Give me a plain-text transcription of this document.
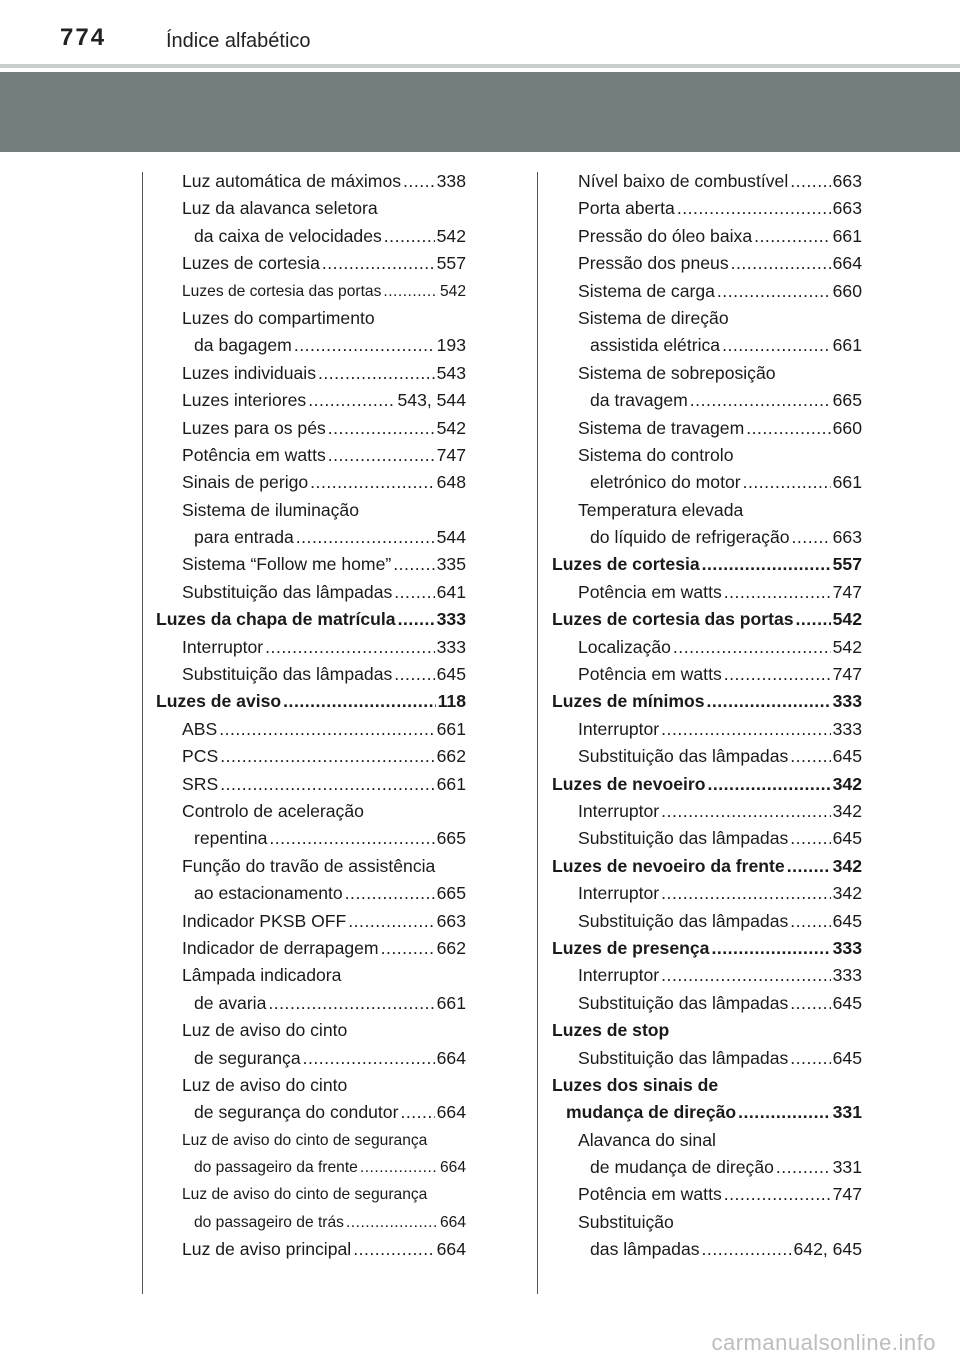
774	Índice alfabético
Luz automática de máximos ..... 338
Luz da alavanca seletora
da caixa de velocidades .....	542
Luzes de cortesia .....	557
Luzes de cortesia das portas .....	542
Luzes do compartimento
da bagagem .....	193
Luzes individuais .....	543
Luzes interiores .....	543, 544
Luzes para os pés .....	542
Potência em watts .....	747
Sinais de perigo .....	648
Sistema de iluminação
para entrada .....	544
Sistema “Follow me home” .....	335
Substituição das lâmpadas .....	641
Luzes da chapa de matrícula ..... 333
Interruptor .....	333
Substituição das lâmpadas .....	645
Luzes de aviso .....	118
ABS .....	661
PCS .....	662
SRS .....	661
Controlo de aceleração
repentina .....	665
Função do travão de assistência
ao estacionamento .....	665
Indicador PKSB OFF .....	663
Indicador de derrapagem .....	662
Lâmpada indicadora
de avaria .....	661
Luz de aviso do cinto
de segurança .....	664
Luz de aviso do cinto
de segurança do condutor ..... 664
Luz de aviso do cinto de segurança
do passageiro da frente .....	664
Luz de aviso do cinto de segurança
do passageiro de trás .....	664
Luz de aviso principal .....	664
Nível baixo de combustível .....	663
Porta aberta .....	663
Pressão do óleo baixa .....	661
Pressão dos pneus .....	664
Sistema de carga .....	660
Sistema de direção
assistida elétrica .....	661
Sistema de sobreposição
da travagem .....	665
Sistema de travagem .....	660
Sistema do controlo
eletrónico do motor .....	661
Temperatura elevada
do líquido de refrigeração ..... 663
Luzes de cortesia .....	557
Potência em watts .....	747
Luzes de cortesia das portas ..... 542
Localização .....	542
Potência em watts .....	747
Luzes de mínimos .....	333
Interruptor .....	333
Substituição das lâmpadas .....	645
Luzes de nevoeiro .....	342
Interruptor .....	342
Substituição das lâmpadas .....	645
Luzes de nevoeiro da frente .....	342
Interruptor .....	342
Substituição das lâmpadas .....	645
Luzes de presença .....	333
Interruptor .....	333
Substituição das lâmpadas .....	645
Luzes de stop
Substituição das lâmpadas .....	645
Luzes dos sinais de
mudança de direção .....	331
Alavanca do sinal
de mudança de direção .....	331
Potência em watts .....	747
Substituição
das lâmpadas .....	642, 645
carmanualsonline.info
